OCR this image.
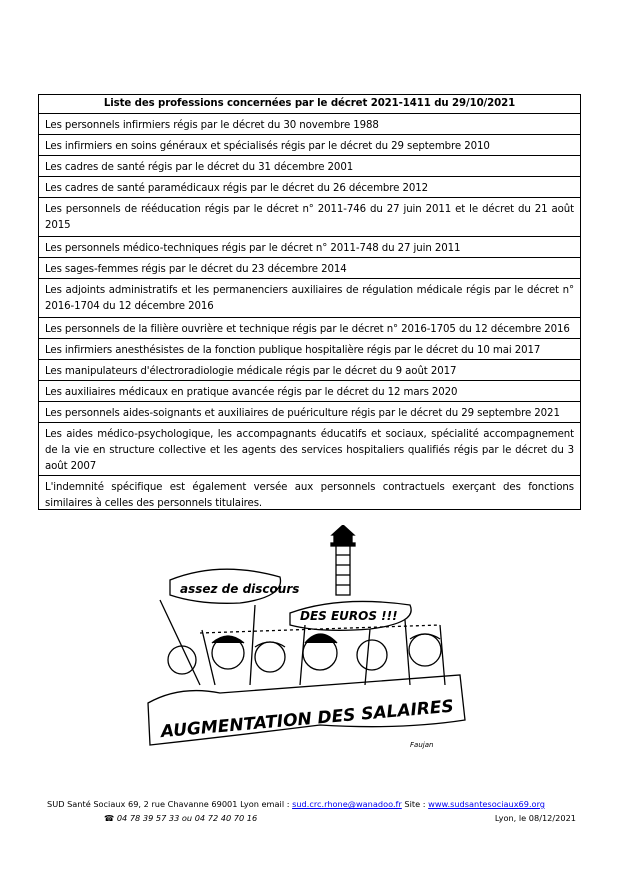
Liste des professions concernées par le décret 2021-1411 du 29/10/2021
Les personnels infirmiers régis par le décret du 30 novembre 1988
Les infirmiers en soins généraux et spécialisés régis par le décret du 29 septembre 2010
Les cadres de santé régis par le décret du 31 décembre 2001
Les cadres de santé paramédicaux régis par le décret du 26 décembre 2012
Les personnels de rééducation régis par le décret n° 2011-746 du 27 juin 2011 et le décret du 21 août 2015
Les personnels médico-techniques régis par le décret n° 2011-748 du 27 juin 2011
Les sages-femmes régis par le décret du 23 décembre 2014
Les adjoints administratifs et les permanenciers auxiliaires de régulation médicale régis par le décret n° 2016-1704 du 12 décembre 2016
Les personnels de la filière ouvrière et technique régis par le décret n° 2016-1705 du 12 décembre 2016
Les infirmiers anesthésistes de la fonction publique hospitalière régis par le décret du 10 mai 2017
Les manipulateurs d'électroradiologie médicale régis par le décret du 9 août 2017
Les auxiliaires médicaux en pratique avancée régis par le décret du 12 mars 2020
Les personnels aides-soignants et auxiliaires de puériculture régis par le décret du 29 septembre 2021
Les aides médico-psychologique, les accompagnants éducatifs et sociaux, spécialité accompagnement de la vie en structure collective et les agents des services hospitaliers qualifiés régis par le décret du 3 août 2007
L'indemnité spécifique est également versée aux personnels contractuels exerçant des fonctions similaires à celles des personnels titulaires.
AUGMENTATION DES SALAIRES
assez de discours
DES EUROS !!!
Faujan
SUD Santé Sociaux 69, 2 rue Chavanne 69001 Lyon email : sud.crc.rhone@wanadoo.fr Site : www.sudsantesociaux69.org
☎ 04 78 39 57 33 ou 04 72 40 70 16	Lyon, le 08/12/2021
